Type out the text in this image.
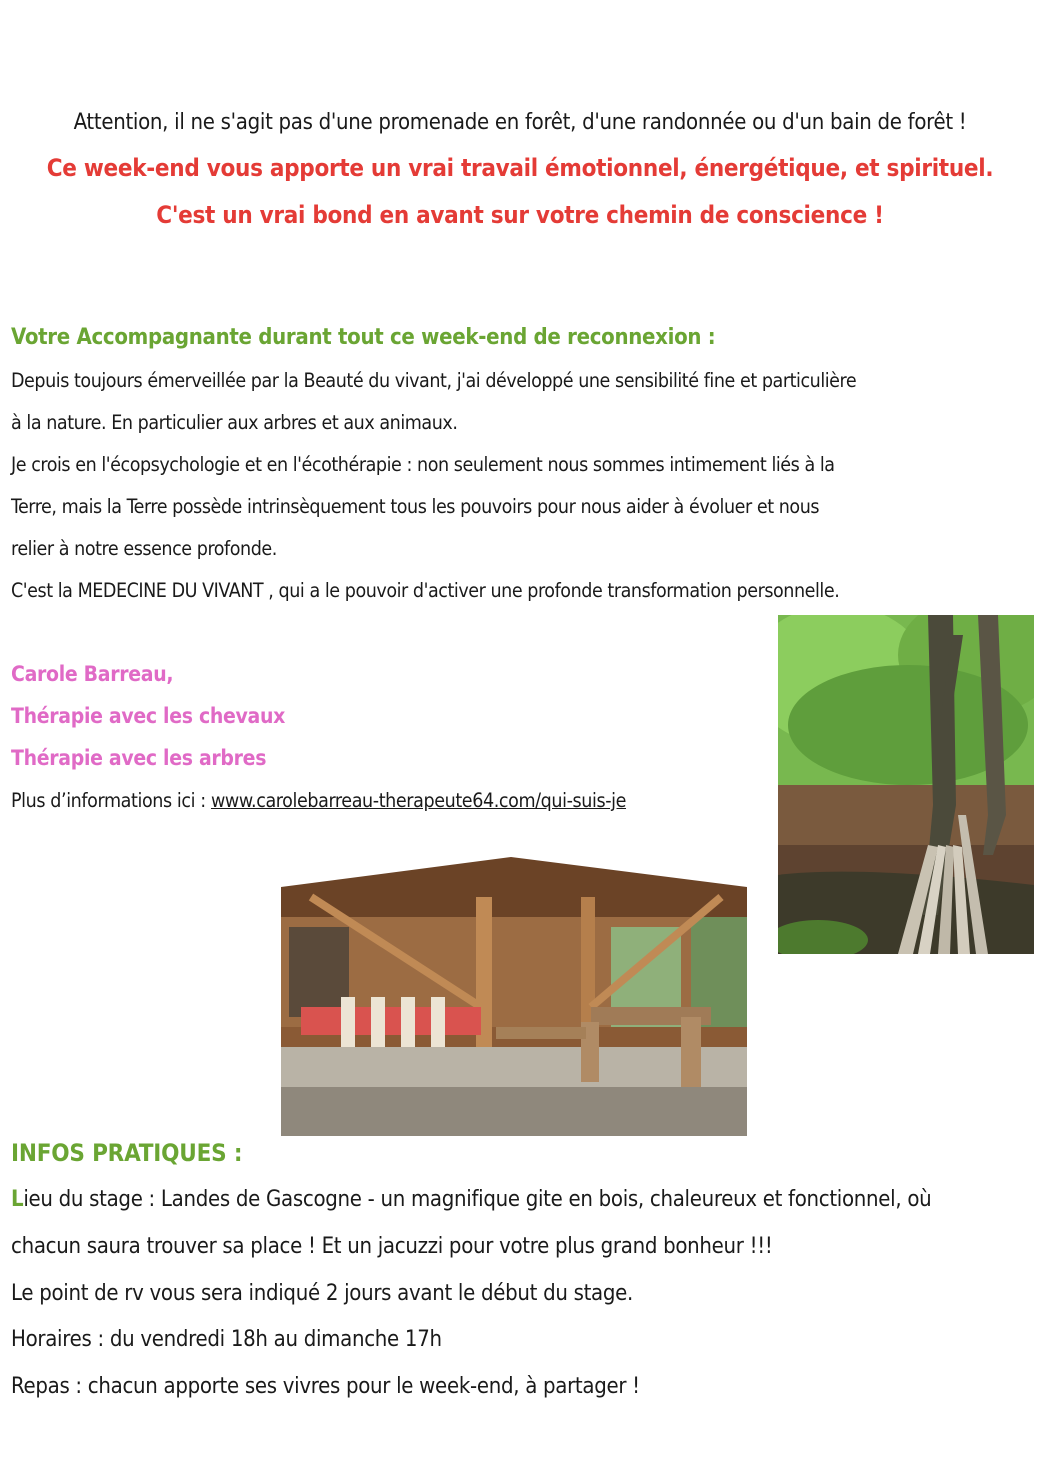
Attention, il ne s'agit pas d'une promenade en forêt, d'une randonnée ou d'un bain de forêt !
Ce week-end vous apporte un vrai travail émotionnel, énergétique, et spirituel.
C'est un vrai bond en avant sur votre chemin de conscience !
Votre Accompagnante durant tout ce week-end de reconnexion :
Depuis toujours émerveillée par la Beauté du vivant, j'ai développé une sensibilité fine et particulière
à la nature. En particulier aux arbres et aux animaux.
Je crois en l'écopsychologie et en l'écothérapie : non seulement nous sommes intimement liés à la
Terre, mais la Terre possède intrinsèquement tous les pouvoirs pour nous aider à évoluer et nous
relier à notre essence profonde.
C'est la MEDECINE DU VIVANT , qui a le pouvoir d'activer une profonde transformation personnelle.
Carole Barreau,
Thérapie avec les chevaux
Thérapie avec les arbres
Plus d’informations ici : www.carolebarreau-therapeute64.com/qui-suis-je
INFOS PRATIQUES :
Lieu du stage : Landes de Gascogne - un magnifique gite en bois, chaleureux et fonctionnel, où
chacun saura trouver sa place ! Et un jacuzzi pour votre plus grand bonheur !!!
Le point de rv vous sera indiqué 2 jours avant le début du stage.
Horaires : du vendredi 18h au dimanche 17h
Repas : chacun apporte ses vivres pour le week-end, à partager !
